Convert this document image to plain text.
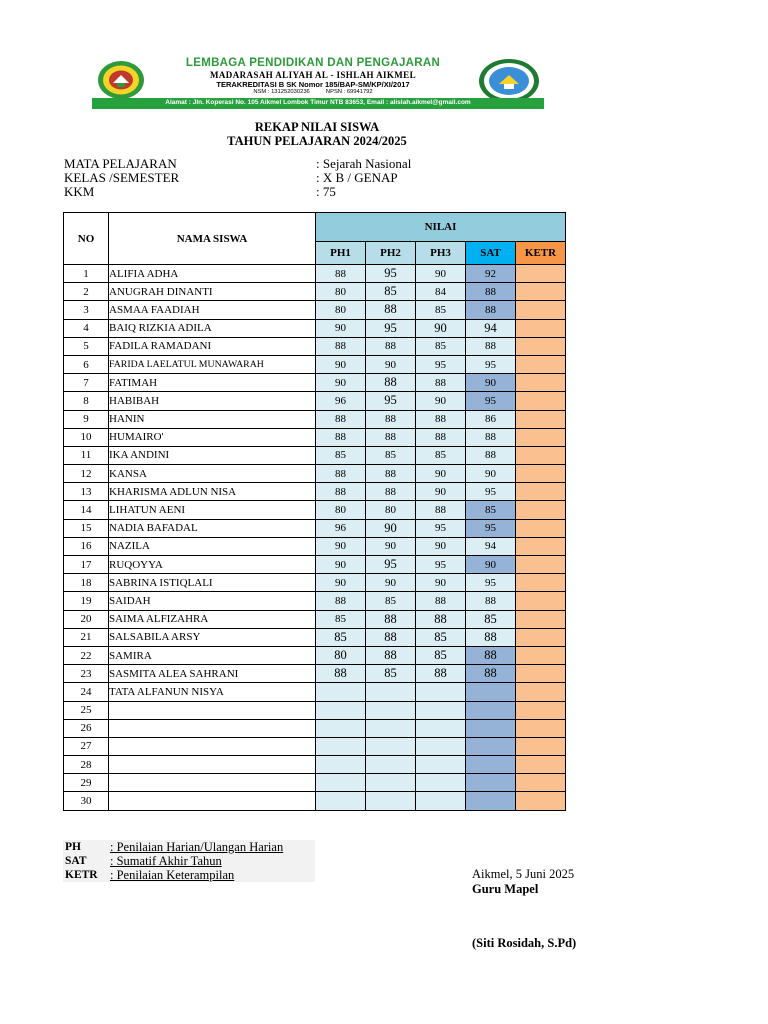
LEMBAGA PENDIDIKAN DAN PENGAJARAN
MADARASAH ALIYAH AL - ISHLAH AIKMEL
TERAKREDITASI B SK Nomor 185/BAP-SM/KP/XI/2017
NSM : 131252030236	NPSN : 69941792
Alamat : Jln. Koperasi No. 105 Aikmel Lombok Timur NTB 83653, Email : alislah.aikmel@gmail.com
REKAP NILAI SISWA
TAHUN PELAJARAN 2024/2025
MATA PELAJARAN	: Sejarah Nasional
KELAS /SEMESTER	: X B / GENAP
KKM	: 75
NO	NAMA SISWA	NILAI				
		PH1	PH2	PH3	SAT	KETR
1	ALIFIA ADHA	88	95	90	92	
2	ANUGRAH DINANTI	80	85	84	88	
3	ASMAA FAADIAH	80	88	85	88	
4	BAIQ RIZKIA ADILA	90	95	90	94	
5	FADILA RAMADANI	88	88	85	88	
6	FARIDA LAELATUL MUNAWARAH	90	90	95	95	
7	FATIMAH	90	88	88	90	
8	HABIBAH	96	95	90	95	
9	HANIN	88	88	88	86	
10	HUMAIRO'	88	88	88	88	
11	IKA ANDINI	85	85	85	88	
12	KANSA	88	88	90	90	
13	KHARISMA ADLUN NISA	88	88	90	95	
14	LIHATUN AENI	80	80	88	85	
15	NADIA BAFADAL	96	90	95	95	
16	NAZILA	90	90	90	94	
17	RUQOYYA	90	95	95	90	
18	SABRINA ISTIQLALI	90	90	90	95	
19	SAIDAH	88	85	88	88	
20	SAIMA ALFIZAHRA	85	88	88	85	
21	SALSABILA ARSY	85	88	85	88	
22	SAMIRA	80	88	85	88	
23	SASMITA ALEA SAHRANI	88	85	88	88	
24	TATA ALFANUN NISYA					
25						
26						
27						
28						
29						
30						
PH : Penilaian Harian/Ulangan Harian
SAT : Sumatif Akhir Tahun
KETR : Penilaian Keterampilan	Aikmel, 5 Juni 2025
Guru Mapel
(Siti Rosidah, S.Pd)
